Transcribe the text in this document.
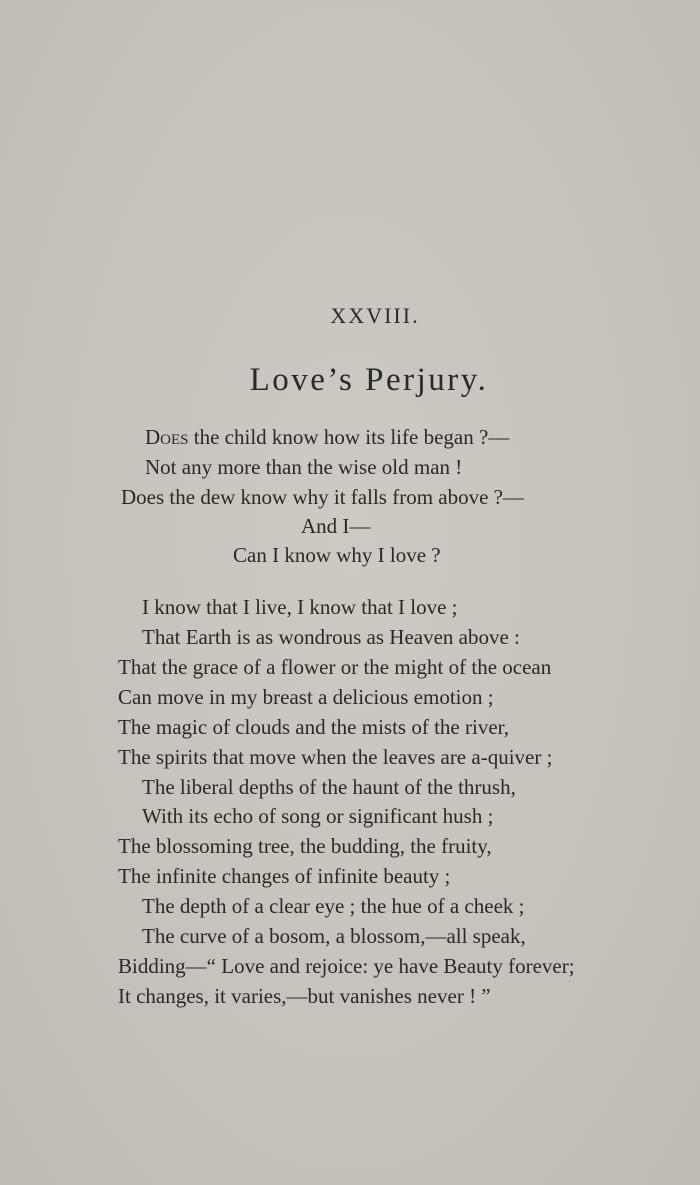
XXVIII.
Love’s Perjury.
Does the child know how its life began ?—
Not any more than the wise old man !
Does the dew know why it falls from above ?—
And I—
Can I know why I love ?
I know that I live, I know that I love ;
That Earth is as wondrous as Heaven above :
That the grace of a flower or the might of the ocean
Can move in my breast a delicious emotion ;
The magic of clouds and the mists of the river,
The spirits that move when the leaves are a-quiver ;
The liberal depths of the haunt of the thrush,
With its echo of song or significant hush ;
The blossoming tree, the budding, the fruity,
The infinite changes of infinite beauty ;
The depth of a clear eye ; the hue of a cheek ;
The curve of a bosom, a blossom,—all speak,
Bidding—“ Love and rejoice: ye have Beauty forever;
It changes, it varies,—but vanishes never ! ”
